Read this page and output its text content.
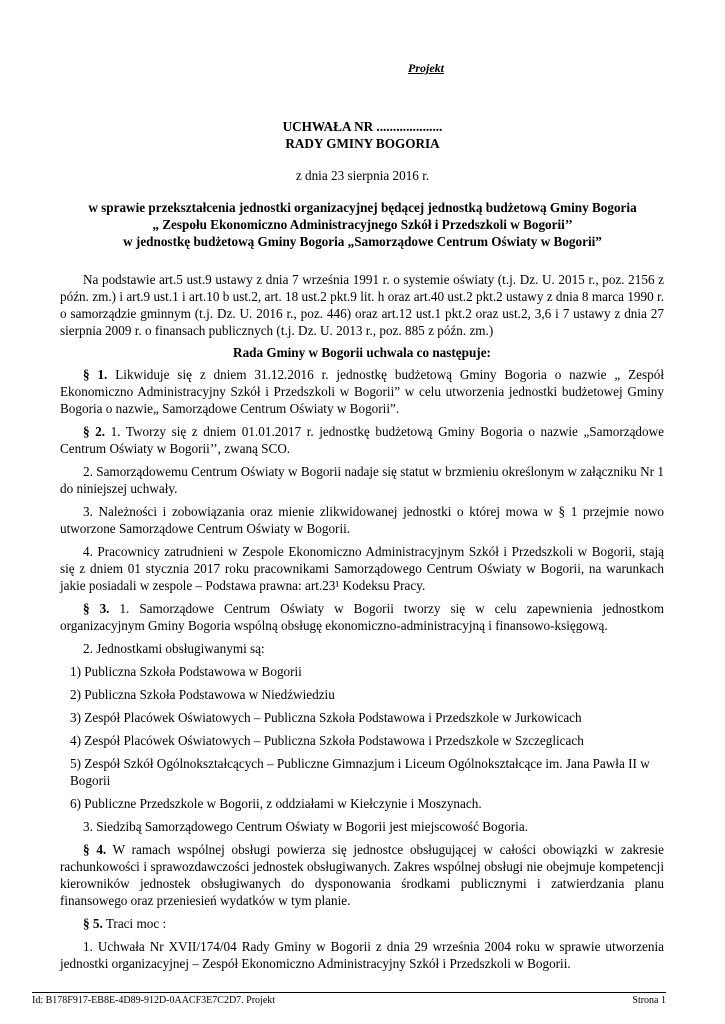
Projekt
UCHWAŁA NR ....................
RADY GMINY BOGORIA
z dnia 23 sierpnia 2016 r.
w sprawie przekształcenia jednostki organizacyjnej będącej jednostką budżetową Gminy Bogoria
„ Zespołu Ekonomiczno Administracyjnego Szkół i Przedszkoli w Bogorii’’
w jednostkę budżetową Gminy Bogoria „Samorządowe Centrum Oświaty w Bogorii”

Na podstawie art.5 ust.9 ustawy z dnia 7 września 1991 r. o systemie oświaty (t.j. Dz. U. 2015 r., poz. 2156 z późn. zm.) i art.9 ust.1 i art.10 b ust.2, art. 18 ust.2 pkt.9 lit. h oraz art.40 ust.2 pkt.2 ustawy z dnia 8 marca 1990 r. o samorządzie gminnym (t.j. Dz. U. 2016 r., poz. 446) oraz art.12 ust.1 pkt.2 oraz ust.2, 3,6 i 7 ustawy z dnia 27 sierpnia 2009 r. o finansach publicznych (t.j. Dz. U. 2013 r., poz. 885 z późn. zm.)

Rada Gminy w Bogorii uchwala co następuje:

§ 1. Likwiduje się z dniem 31.12.2016 r. jednostkę budżetową Gminy Bogoria o nazwie „ Zespół Ekonomiczno Administracyjny Szkół i Przedszkoli w Bogorii” w celu utworzenia jednostki budżetowej Gminy Bogoria o nazwie„ Samorządowe Centrum Oświaty w Bogorii”.

§ 2. 1. Tworzy się z dniem 01.01.2017 r. jednostkę budżetową Gminy Bogoria o nazwie „Samorządowe Centrum Oświaty w Bogorii’’, zwaną SCO.

2. Samorządowemu Centrum Oświaty w Bogorii nadaje się statut w brzmieniu określonym w załączniku Nr 1 do niniejszej uchwały.

3. Należności i zobowiązania oraz mienie zlikwidowanej jednostki o której mowa w § 1 przejmie nowo utworzone Samorządowe Centrum Oświaty w Bogorii.

4. Pracownicy zatrudnieni w Zespole Ekonomiczno Administracyjnym Szkół i Przedszkoli w Bogorii, stają się z dniem 01 stycznia 2017 roku pracownikami Samorządowego Centrum Oświaty w Bogorii, na warunkach jakie posiadali w zespole – Podstawa prawna: art.23¹ Kodeksu Pracy.

§ 3. 1. Samorządowe Centrum Oświaty w Bogorii tworzy się w celu zapewnienia jednostkom organizacyjnym Gminy Bogoria wspólną obsługę ekonomiczno-administracyjną i finansowo-księgową.

2. Jednostkami obsługiwanymi są:

1) Publiczna Szkoła Podstawowa w Bogorii

2) Publiczna Szkoła Podstawowa w Niedźwiedziu

3) Zespół Placówek Oświatowych – Publiczna Szkoła Podstawowa i Przedszkole w Jurkowicach

4) Zespół Placówek Oświatowych – Publiczna Szkoła Podstawowa i Przedszkole w Szczeglicach

5) Zespół Szkół Ogólnokształcących – Publiczne Gimnazjum i Liceum Ogólnokształcące im. Jana Pawła II w Bogorii

6) Publiczne Przedszkole w Bogorii, z oddziałami w Kiełczynie i Moszynach.

3. Siedzibą Samorządowego Centrum Oświaty w Bogorii jest miejscowość Bogoria.

§ 4. W ramach wspólnej obsługi powierza się jednostce obsługującej w całości obowiązki w zakresie rachunkowości i sprawozdawczości jednostek obsługiwanych. Zakres wspólnej obsługi nie obejmuje kompetencji kierowników jednostek obsługiwanych do dysponowania środkami publicznymi i zatwierdzania planu finansowego oraz przeniesień wydatków w tym planie.

§ 5. Traci moc :

1. Uchwała Nr XVII/174/04 Rady Gminy w Bogorii z dnia 29 września 2004 roku w sprawie utworzenia jednostki organizacyjnej – Zespół Ekonomiczno Administracyjny Szkół i Przedszkoli w Bogorii.

Id: B178F917-EB8E-4D89-912D-0AACF3E7C2D7. Projekt	Strona 1
